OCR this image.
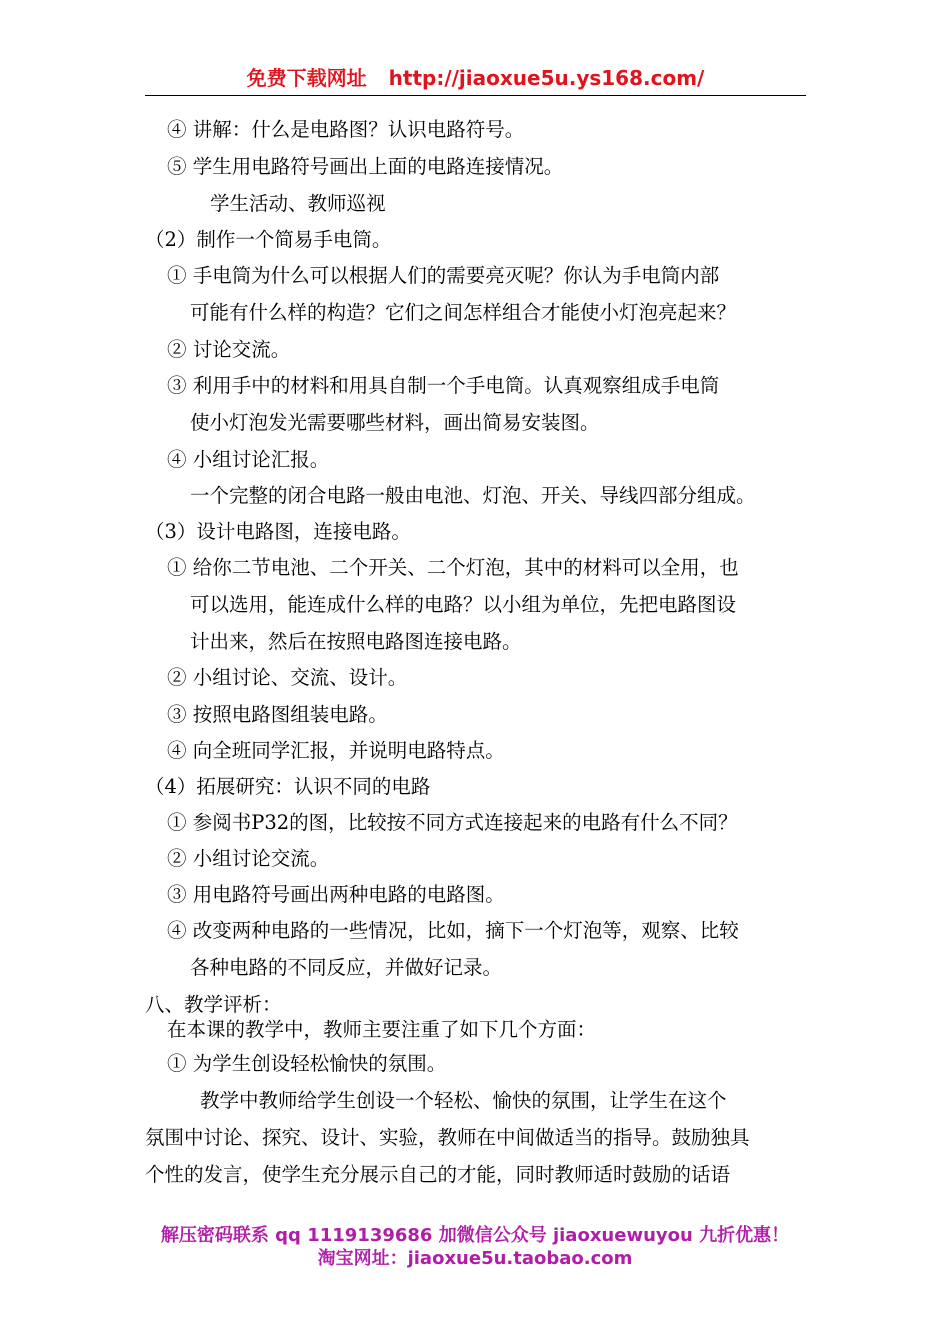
免费下载网址 http://jiaoxue5u.ys168.com/
④ 讲解：什么是电路图？认识电路符号。
⑤ 学生用电路符号画出上面的电路连接情况。
学生活动、教师巡视
（2）制作一个简易手电筒。
① 手电筒为什么可以根据人们的需要亮灭呢？你认为手电筒内部
可能有什么样的构造？它们之间怎样组合才能使小灯泡亮起来？
② 讨论交流。
③ 利用手中的材料和用具自制一个手电筒。认真观察组成手电筒
使小灯泡发光需要哪些材料，画出简易安装图。
④ 小组讨论汇报。
一个完整的闭合电路一般由电池、灯泡、开关、导线四部分组成。
（3）设计电路图，连接电路。
① 给你二节电池、二个开关、二个灯泡，其中的材料可以全用，也
可以选用，能连成什么样的电路？以小组为单位，先把电路图设
计出来，然后在按照电路图连接电路。
② 小组讨论、交流、设计。
③ 按照电路图组装电路。
④ 向全班同学汇报，并说明电路特点。
（4）拓展研究：认识不同的电路
① 参阅书P32的图，比较按不同方式连接起来的电路有什么不同？
② 小组讨论交流。
③ 用电路符号画出两种电路的电路图。
④ 改变两种电路的一些情况，比如，摘下一个灯泡等，观察、比较
各种电路的不同反应，并做好记录。
八、教学评析：
在本课的教学中，教师主要注重了如下几个方面：
① 为学生创设轻松愉快的氛围。
教学中教师给学生创设一个轻松、愉快的氛围，让学生在这个
氛围中讨论、探究、设计、实验，教师在中间做适当的指导。鼓励独具
个性的发言，使学生充分展示自己的才能，同时教师适时鼓励的话语
解压密码联系 qq 1119139686 加微信公众号 jiaoxuewuyou 九折优惠！
淘宝网址：jiaoxue5u.taobao.com
